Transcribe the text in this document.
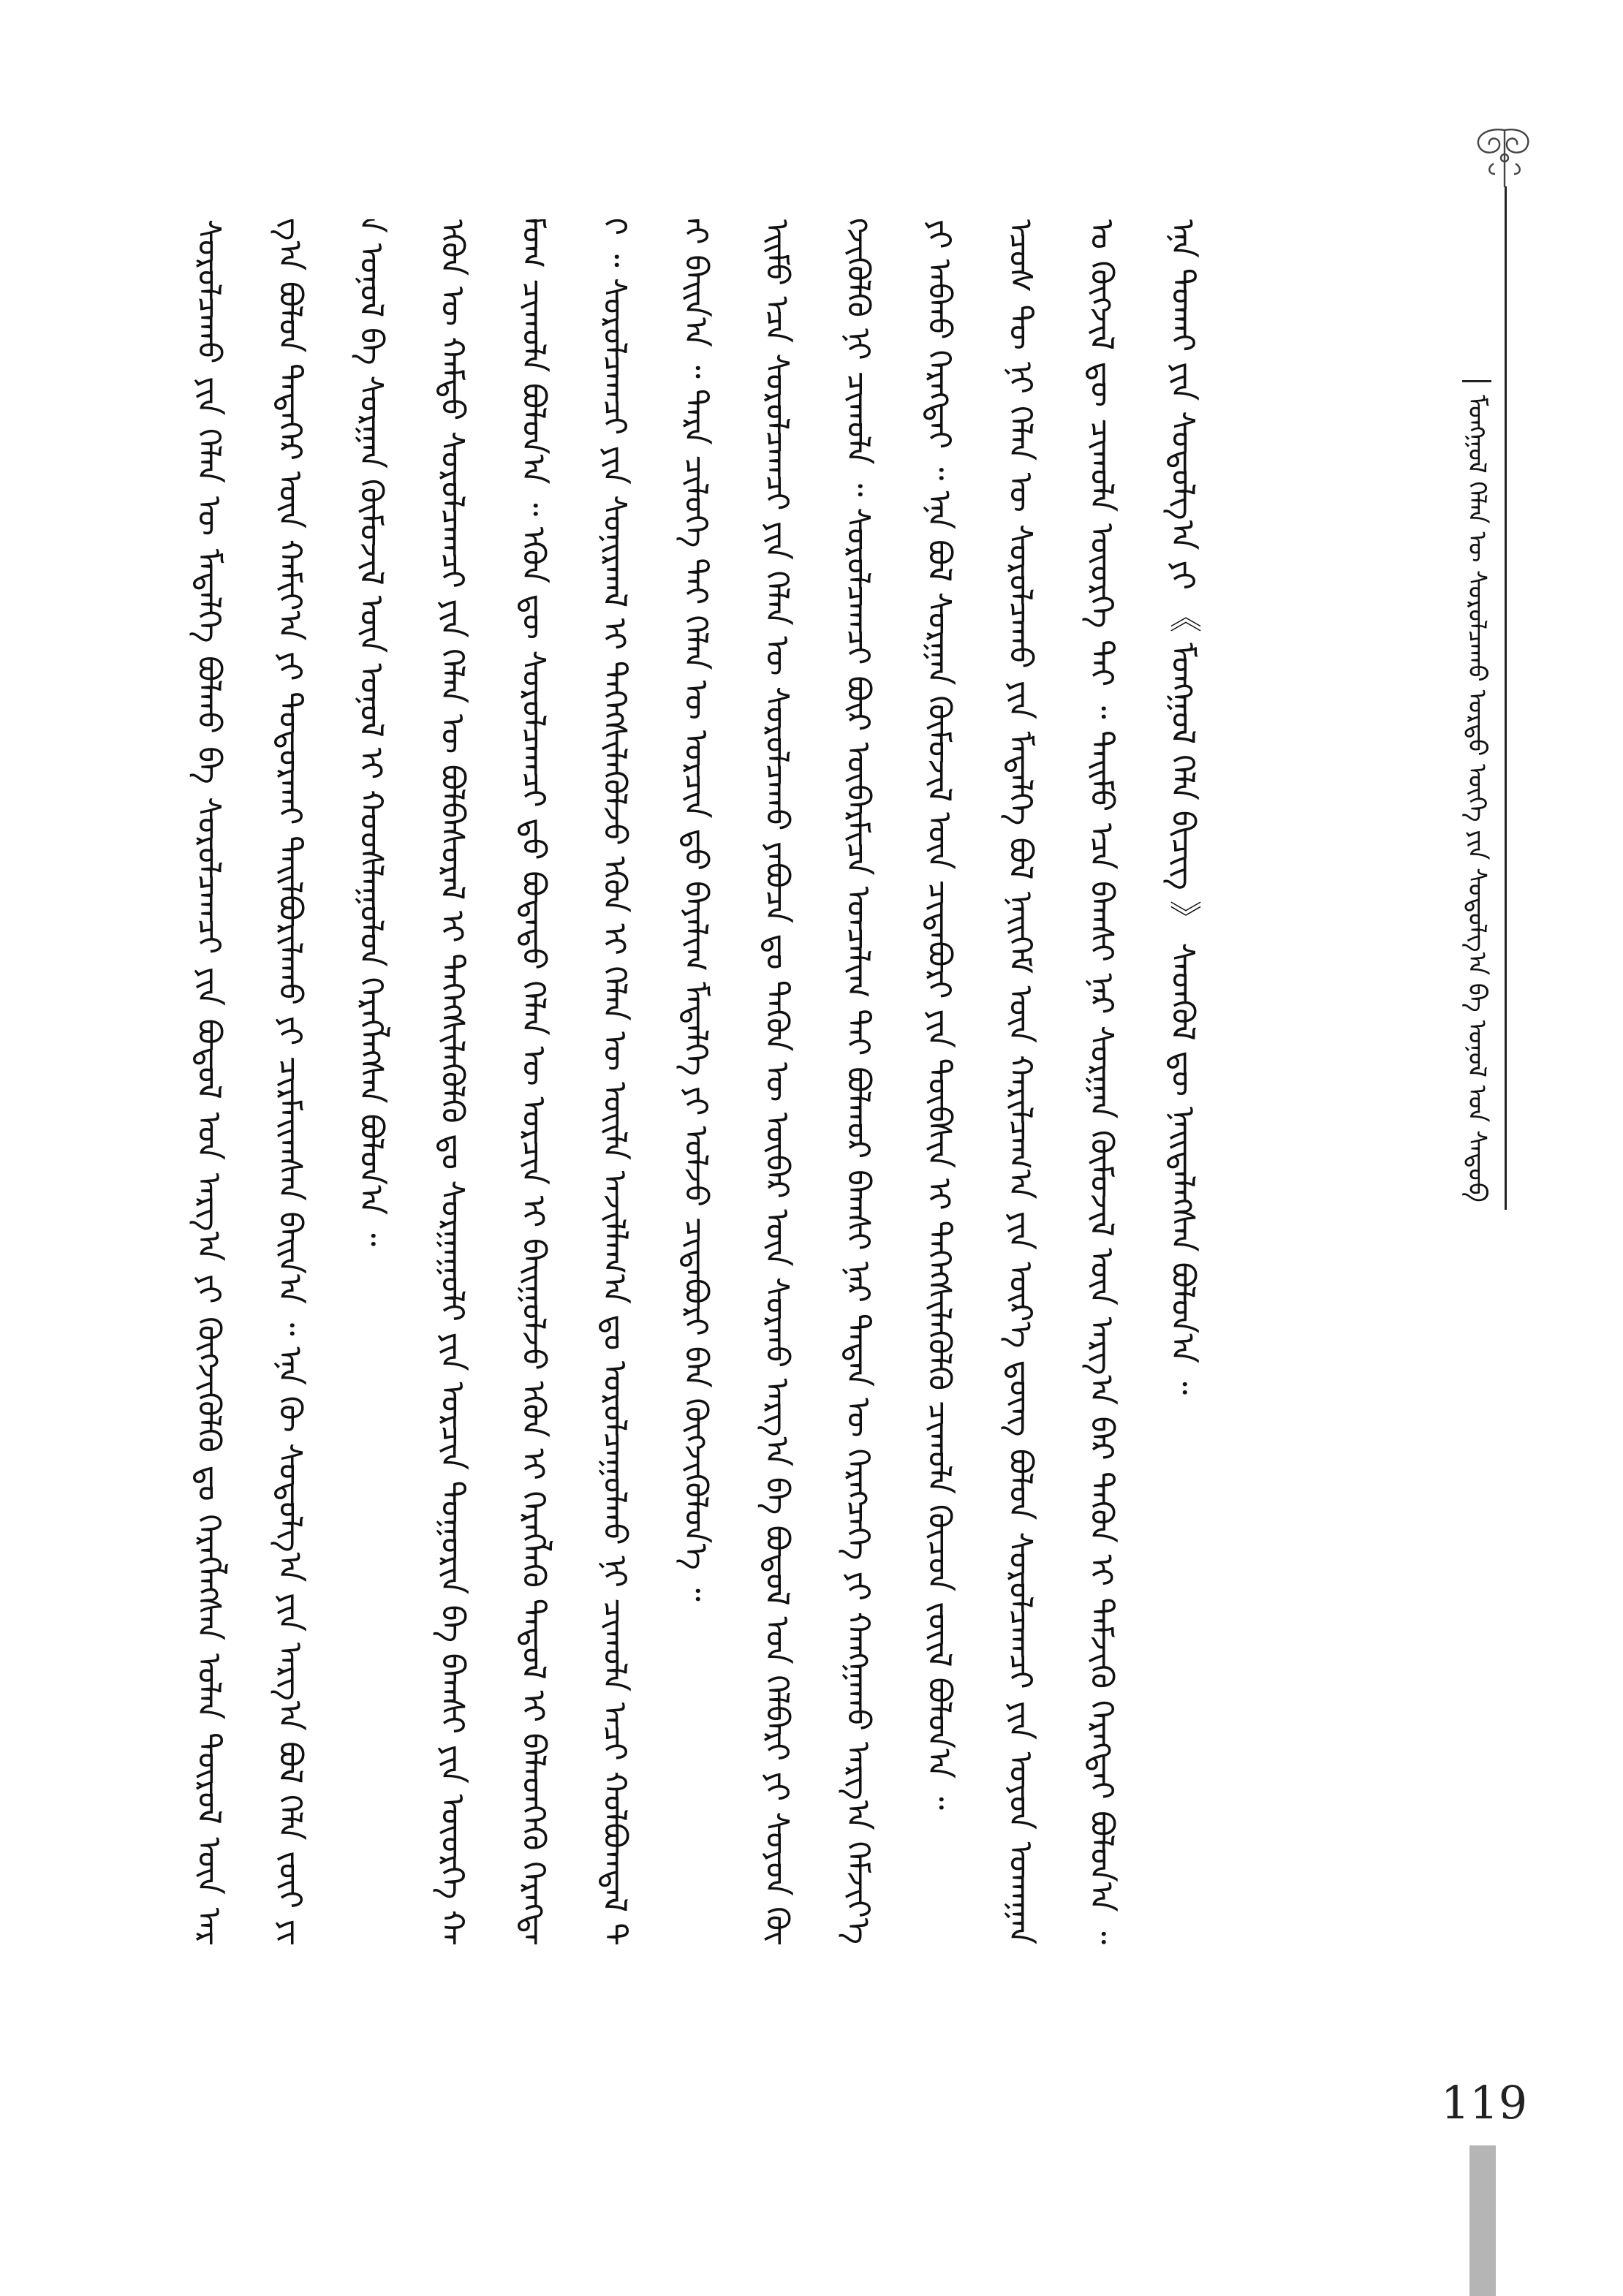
ᠮᠣᠩᠭᠣᠯ ᠬᠡᠯᠡᠨ ᠦ ᠰᠤᠷᠤᠯᠴᠠᠬᠤ ᠤᠷᠲᠤ ᠦᠭᠡ ᠶᠢᠨ ᠰᠤᠳᠤᠯᠭ᠎ᠠ ᠪᠠ ᠣᠨᠤᠯ ᠤᠨ ᠰᠡᠳᠦᠪ

ᠰᠤᠷᠤᠯᠴᠠᠬᠤ ᠶᠢᠨ ᠬᠡᠯᠡᠨ ᠦ ᠮᠡᠳᠡᠯᠭᠡ ᠪᠣᠯᠬᠣ ᠪᠠ ᠰᠤᠷᠤᠯᠴᠠᠭᠴᠢ ᠶᠢᠨ ᠪᠤᠳᠤᠯ ᠤᠨ ᠠᠷᠭ᠎ᠠ ᠶᠢ ᠬᠦᠭᠵᠢᠭᠦᠯᠬᠦ ᠳᠤ ᠬᠡᠷᠡᠭᠯᠡᠭᠰᠡᠨ ᠣᠯᠠᠨ ᠲᠦᠷᠦᠯ ᠦᠨ ᠠᠷᠭ᠎ᠠ ᠪᠣᠯᠤᠨ ᠲᠡᠳᠡᠭᠡᠷ ᠦᠨ ᠬᠠᠮᠢᠶ᠎ᠠ ᠶᠢ ᠲᠣᠳᠣᠷᠬᠠᠢ ᠲᠠᠢᠯᠪᠤᠷᠢᠯᠠᠬᠤ ᠶᠢ ᠴᠢᠷᠮᠠᠢᠭᠰᠠᠨ ᠪᠠᠢᠨ᠎ᠠ ᠃ ᠡᠨᠡ ᠬᠦ ᠰᠤᠳᠤᠯᠭ᠎ᠠ ᠶᠢᠨ ᠠᠷᠭ᠎ᠠ ᠪᠣᠯ ᠬᠡᠯᠡ ᠵᠦᠢ ᠶᠢᠨ ᠣᠨᠤᠯ ᠪᠠ ᠰᠤᠷᠭᠠᠨ ᠬᠦᠮᠦᠵᠢᠯ ᠦᠨ ᠣᠨᠤᠯ ᠢ ᠬᠣᠣᠰᠯᠠᠭᠤᠯᠤᠨ ᠬᠡᠷᠡᠭᠯᠡᠭᠰᠡᠨ ᠪᠣᠯᠤᠨ᠎ᠠ ᠃	ᠡᠭᠦᠨ ᠦ ᠬᠠᠮᠲᠤ ᠰᠤᠷᠤᠯᠴᠠᠭᠴᠢ ᠶᠢᠨ ᠬᠡᠯᠡᠨ ᠦ ᠪᠣᠯᠪᠠᠰᠤᠷᠠᠯ ᠢ ᠳᠡᠭᠡᠭᠰᠢᠯᠡᠭᠦᠯᠬᠦ ᠳᠤ ᠰᠤᠷᠭᠠᠭᠤᠯᠢ ᠶᠢᠨ ᠣᠷᠴᠢᠨ ᠲᠣᠭᠣᠷᠢᠨ ᠪᠠ ᠪᠠᠭᠰᠢ ᠶᠢᠨ ᠦᠦᠷᠭᠡ ᠬᠠᠮᠤᠭ ᠴᠢᠬᠤᠯᠠ ᠪᠣᠯᠤᠨ᠎ᠠ ᠃ ᠡᠭᠦᠨ ᠳᠦ ᠰᠤᠷᠤᠯᠴᠠᠭᠴᠢ ᠳ᠋ᠤ ᠪᠣᠳᠠᠲᠤ ᠬᠡᠯᠡᠨ ᠦ ᠣᠷᠴᠢᠨ ᠢ ᠪᠠᠢᠭᠤᠯᠵᠤ ᠡᠭᠦᠨ ᠢ ᠬᠡᠷᠡᠭᠯᠡᠬᠦ ᠳᠠᠳᠤᠯ ᠢ ᠪᠡᠯᠡᠳᠬᠡᠬᠦ ᠬᠡᠷᠡᠭᠲᠡᠢ ᠃ ᠰᠤᠷᠤᠯᠴᠠᠭᠴᠢ ᠶᠢᠨ ᠰᠣᠨᠢᠷᠬᠠᠯ ᠢ ᠳᠡᠭᠡᠭᠰᠢᠯᠡᠭᠦᠯᠵᠦ ᠡᠭᠦᠨ ᠢ ᠬᠡᠯᠡᠨ ᠦ ᠦᠢᠯᠡ ᠠᠵᠢᠯᠯᠠᠭ᠎ᠠ ᠳᠤ ᠣᠷᠣᠯᠴᠠᠭᠤᠯᠬᠤ ᠨᠢ ᠴᠢᠬᠤᠯᠠ ᠠᠴᠢ ᠬᠣᠯᠪᠣᠭᠳᠠᠯ ᠲᠠᠢ ᠪᠠᠢᠨ᠎ᠠ ᠃ ᠲᠡᠷᠡ ᠴᠢᠯᠦᠭᠡ ᠲᠠᠢ ᠬᠡᠯᠡᠨ ᠦ ᠣᠷᠴᠢᠨ ᠳ᠋ᠤ ᠪᠠᠶᠠᠯᠢᠭ ᠮᠡᠳᠡᠯᠭᠡ ᠶᠢ ᠣᠯᠵᠤ ᠴᠢᠳᠠᠪᠤᠷᠢ ᠪᠠᠨ ᠬᠦᠭᠵᠢᠭᠦᠯᠦᠨ᠎ᠡ ᠃	ᠡᠢᠮᠦ ᠡᠴᠡ ᠰᠤᠷᠤᠯᠴᠠᠭᠴᠢ ᠶᠢᠨ ᠬᠡᠯᠡᠨ ᠦ ᠰᠤᠷᠤᠯᠴᠠᠬᠤ ᠶᠠᠪᠤᠴᠠ ᠳᠤ ᠲᠡᠭᠦᠨ ᠦ ᠦᠪᠡᠷ ᠦᠨ ᠰᠤᠷᠬᠤ ᠠᠷᠭ᠎ᠠ ᠪᠠ ᠪᠣᠳᠣᠯ ᠤᠨ ᠬᠡᠯᠪᠡᠷᠢ ᠶᠢ ᠰᠣᠶᠣᠨ ᠬᠦᠭᠵᠢᠭᠦᠯᠬᠦ ᠨᠢ ᠴᠢᠬᠤᠯᠠ ᠃ ᠰᠤᠷᠤᠯᠴᠠᠭᠴᠢ ᠪᠦᠷ ᠦᠪᠡᠷᠮᠢᠴᠡ ᠣᠨᠴᠠᠯᠢᠭ ᠲᠠᠢ ᠪᠣᠯᠬᠣᠷ ᠪᠠᠭᠰᠢ ᠨᠠᠷ ᠲᠡᠳᠡᠨ ᠦ ᠬᠡᠷᠡᠭᠴᠡᠭᠡ ᠶᠢ ᠬᠠᠩᠭᠠᠬᠤ ᠠᠷᠭ᠎ᠠ ᠬᠡᠮᠵᠢᠶ᠎ᠡ ᠶᠢ ᠠᠪᠬᠤ ᠬᠡᠷᠡᠭᠲᠡᠢ ᠃ ᠡᠨᠡ ᠪᠣᠯ ᠰᠤᠷᠭᠠᠨ ᠬᠦᠮᠦᠵᠢᠯ ᠦᠨ ᠴᠢᠳᠠᠪᠤᠷᠢ ᠶᠢᠨ ᠲᠦᠪᠰᠢᠨ ᠢ ᠳᠡᠭᠡᠭᠰᠢᠯᠡᠭᠦᠯᠬᠦ ᠴᠢᠬᠤᠯᠠ ᠬᠦᠴᠦᠨ ᠵᠦᠢᠯ ᠪᠣᠯᠤᠨ᠎ᠠ ᠃	ᠡᠴᠦᠰ ᠲᠦ ᠨᠢ ᠬᠡᠯᠡᠨ ᠦ ᠰᠤᠷᠤᠯᠴᠠᠬᠤ ᠶᠢᠨ ᠮᠡᠳᠡᠯᠭᠡ ᠪᠣᠯ ᠨᠡᠢᠭᠡᠮ ᠦᠨ ᠬᠠᠷᠢᠯᠴᠠᠭ᠎ᠠ ᠶᠢᠨ ᠦᠷ᠎ᠡ ᠳ᠋ᠦᠩ ᠪᠣᠯᠤᠨ ᠰᠤᠷᠤᠯᠴᠠᠭᠴᠢ ᠶᠢᠨ ᠣᠶᠤᠨ ᠤᠬᠠᠭᠠᠨ ᠤ ᠬᠦᠭᠵᠢᠯ ᠳᠦ ᠴᠢᠬᠤᠯᠠ ᠦᠦᠷᠭᠡ ᠲᠠᠢ ᠃ ᠲᠡᠢᠮᠦ ᠡᠴᠡ ᠪᠠᠭᠰᠢ ᠨᠠᠷ ᠰᠤᠷᠭᠠᠨ ᠬᠦᠮᠦᠵᠢᠯ ᠦᠨ ᠠᠷᠭ᠎ᠠ ᠪᠠᠷ ᠲᠡᠭᠦᠨ ᠢ ᠳᠡᠮᠵᠢᠬᠦ ᠬᠡᠷᠡᠭᠲᠡᠢ ᠪᠣᠯᠤᠨ᠎ᠠ ᠃ ᠡᠨᠡ ᠲᠤᠬᠠᠢ ᠶᠢᠨ ᠰᠤᠳᠤᠯᠭ᠎ᠠ ᠶᠢ 《 ᠮᠣᠩᠭᠣᠯ ᠬᠡᠯᠡ ᠪᠢᠴᠢᠭ 》 ᠰᠡᠳᠭᠦᠯ ᠳᠦ ᠨᠡᠢᠲᠡᠯᠡᠭᠰᠡᠨ ᠪᠣᠯᠤᠨ᠎ᠠ ᠃

119
